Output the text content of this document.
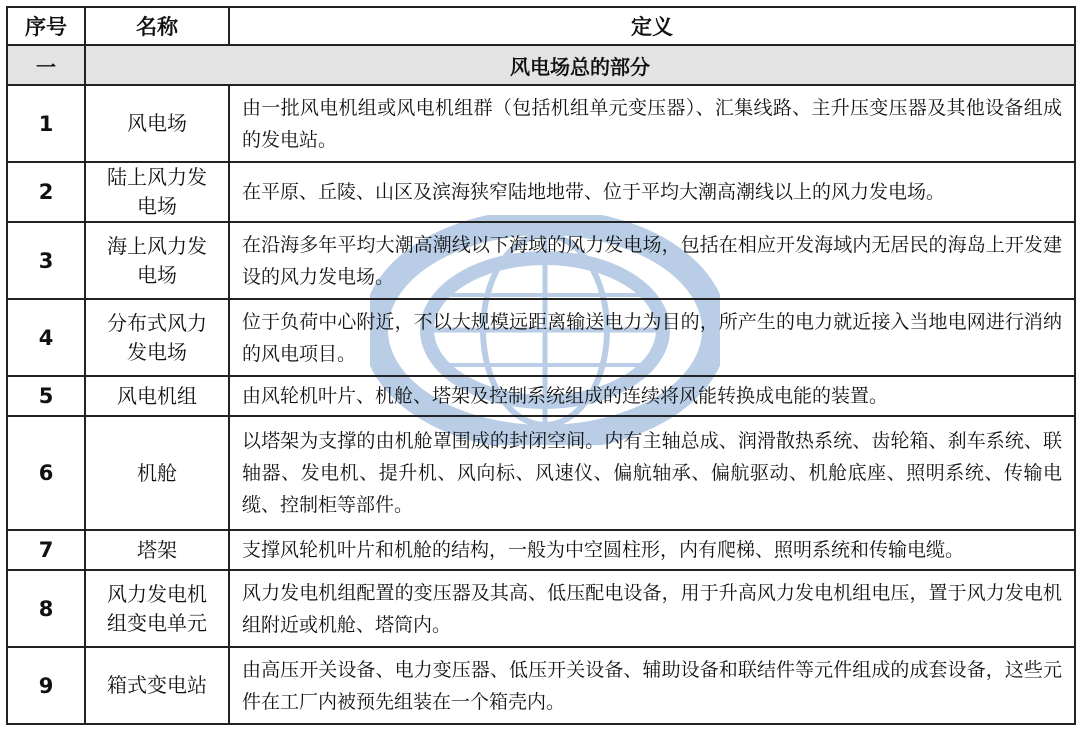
序号	名称	定义
一	风电场总的部分	
1	风电场	由一批风电机组或风电机组群（包括机组单元变压器）、汇集线路、主升压变压器及其他设备组成的发电站。
2	陆上风力发电场	在平原、丘陵、山区及滨海狭窄陆地地带、位于平均大潮高潮线以上的风力发电场。
3	海上风力发电场	在沿海多年平均大潮高潮线以下海域的风力发电场，包括在相应开发海域内无居民的海岛上开发建设的风力发电场。
4	分布式风力发电场	位于负荷中心附近，不以大规模远距离输送电力为目的，所产生的电力就近接入当地电网进行消纳的风电项目。
5	风电机组	由风轮机叶片、机舱、塔架及控制系统组成的连续将风能转换成电能的装置。
6	机舱	以塔架为支撑的由机舱罩围成的封闭空间。内有主轴总成、润滑散热系统、齿轮箱、刹车系统、联轴器、发电机、提升机、风向标、风速仪、偏航轴承、偏航驱动、机舱底座、照明系统、传输电缆、控制柜等部件。
7	塔架	支撑风轮机叶片和机舱的结构，一般为中空圆柱形，内有爬梯、照明系统和传输电缆。
8	风力发电机组变电单元	风力发电机组配置的变压器及其高、低压配电设备，用于升高风力发电机组电压，置于风力发电机组附近或机舱、塔筒内。
9	箱式变电站	由高压开关设备、电力变压器、低压开关设备、辅助设备和联结件等元件组成的成套设备，这些元件在工厂内被预先组装在一个箱壳内。
